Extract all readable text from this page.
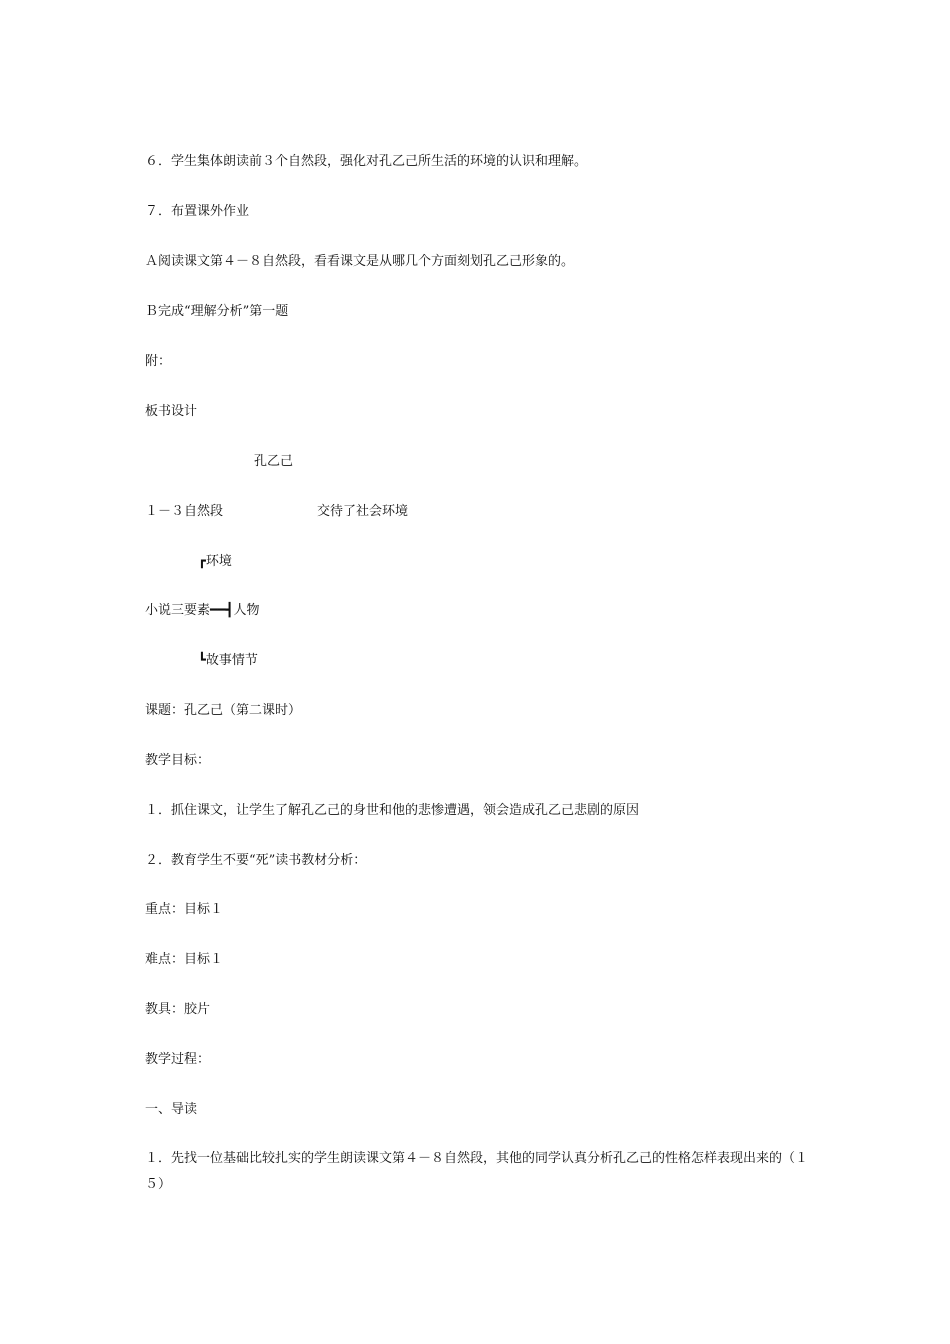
６．学生集体朗读前３个自然段，强化对孔乙己所生活的环境的认识和理解。
７．布置课外作业
Ａ阅读课文第４－８自然段，看看课文是从哪几个方面刻划孔乙己形象的。
Ｂ完成“理解分析”第一题
附：
板书设计
孔乙己
１－３自然段	交待了社会环境
┏环境
小说三要素━━┫人物
┗故事情节
课题：孔乙己（第二课时）
教学目标：
１．抓住课文，让学生了解孔乙己的身世和他的悲惨遭遇，领会造成孔乙己悲剧的原因
２．教育学生不要“死”读书教材分析：
重点：目标１
难点：目标１
教具：胶片
教学过程：
一、导读
１．先找一位基础比较扎实的学生朗读课文第４－８自然段，其他的同学认真分析孔乙己的性格怎样表现出来的（１５）
